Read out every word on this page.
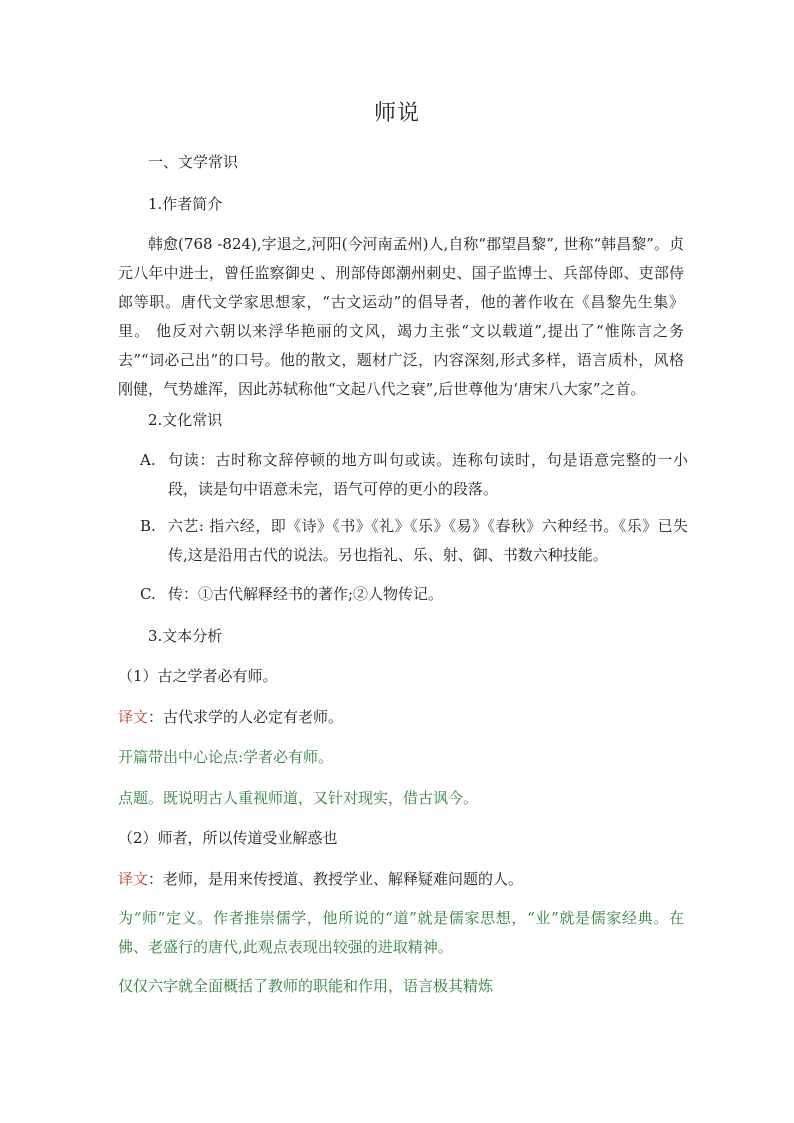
师说
一、文学常识
1.作者简介
韩愈(768 -824),字退之,河阳(今河南孟州)人,自称“郡望昌黎”, 世称“韩昌黎”。贞元八年中进士，曾任监察御史 、刑部侍郎潮州刺史、国子监博士、兵部侍郎、吏部侍郎等职。唐代文学家思想家，“古文运动”的倡导者，他的著作收在《昌黎先生集》里。 他反对六朝以来浮华艳丽的文风，竭力主张“文以载道”,提出了“惟陈言之务去”“词必己出”的口号。他的散文，题材广泛，内容深刻,形式多样，语言质朴，风格刚健，气势雄浑，因此苏轼称他“文起八代之衰”,后世尊他为‘唐宋八大家”之首。
2.文化常识
A. 句读：古时称文辞停顿的地方叫句或读。连称句读时，句是语意完整的一小段，读是句中语意未完，语气可停的更小的段落。
B. 六艺: 指六经，即《诗》《书》《礼》《乐》《易》《春秋》六种经书。《乐》已失传,这是沿用古代的说法。另也指礼、乐、射、御、书数六种技能。
C. 传：①古代解释经书的著作;②人物传记。
3.文本分析
（1）古之学者必有师。
译文：古代求学的人必定有老师。
开篇带出中心论点:学者必有师。
点题。既说明古人重视师道，又针对现实，借古讽今。
（2）师者，所以传道受业解惑也
译文：老师，是用来传授道、教授学业、解释疑难问题的人。
为“师”定义。作者推崇儒学，他所说的“道”就是儒家思想，“业”就是儒家经典。在佛、老盛行的唐代,此观点表现出较强的进取精神。
仅仅六字就全面概括了教师的职能和作用，语言极其精炼
